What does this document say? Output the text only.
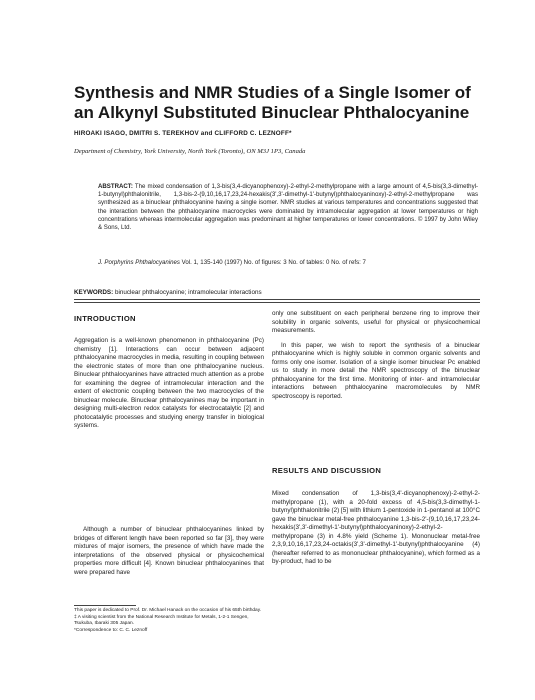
Synthesis and NMR Studies of a Single Isomer of an Alkynyl Substituted Binuclear Phthalocyanine
HIROAKI ISAGO, DMITRI S. TEREKHOV and CLIFFORD C. LEZNOFF*
Department of Chemistry, York University, North York (Toronto), ON M3J 1P3, Canada
ABSTRACT: The mixed condensation of 1,3-bis(3,4-dicyanophenoxy)-2-ethyl-2-methylpropane with a large amount of 4,5-bis(3,3-dimethyl-1-butynyl)phthalonitrile, 1,3-bis-2-(9,10,16,17,23,24-hexakis(3',3'-dimethyl-1'-butynyl)phthalocyaninoxy)-2-ethyl-2-methylpropane was synthesized as a binuclear phthalocyanine having a single isomer. NMR studies at various temperatures and concentrations suggested that the interaction between the phthalocyanine macrocycles were dominated by intramolecular aggregation at lower temperatures or high concentrations whereas intermolecular aggregation was predominant at higher temperatures or lower concentrations. © 1997 by John Wiley & Sons, Ltd.
J. Porphyrins Phthalocyanines Vol. 1, 135-140 (1997) No. of figures: 3 No. of tables: 0 No. of refs: 7
KEYWORDS: binuclear phthalocyanine; intramolecular interactions
INTRODUCTION

Aggregation is a well-known phenomenon in phthalocyanine (Pc) chemistry [1]. Interactions can occur between adjacent phthalocyanine macrocycles in media, resulting in coupling between the electronic states of more than one phthalocyanine nucleus. Binuclear phthalocyanines have attracted much attention as a probe for examining the degree of intramolecular interaction and the extent of electronic coupling between the two macrocycles of the binuclear molecule. Binuclear phthalocyanines may be important in designing multi-electron redox catalysts for electrocatalytic [2] and photocatalytic processes and studying energy transfer in biological systems.

Although a number of binuclear phthalocyanines linked by bridges of different length have been reported so far [3], they were mixtures of major isomers, the presence of which have made the interpretations of the observed physical or physicochemical properties more difficult [4]. Known binuclear phthalocyanines that were prepared have

only one substituent on each peripheral benzene ring to improve their solubility in organic solvents, useful for physical or physicochemical measurements.

In this paper, we wish to report the synthesis of a binuclear phthalocyanine which is highly soluble in common organic solvents and forms only one isomer. Isolation of a single isomer binuclear Pc enabled us to study in more detail the NMR spectroscopy of the binuclear phthalocyanine for the first time. Monitoring of inter- and intramolecular interactions between phthalocyanine macromolecules by NMR spectroscopy is reported.

RESULTS AND DISCUSSION

Mixed condensation of 1,3-bis(3,4'-dicyanophenoxy)-2-ethyl-2-methylpropane (1), with a 20-fold excess of 4,5-bis(3,3-dimethyl-1-butynyl)phthalonitrile (2) [5] with lithium 1-pentoxide in 1-pentanol at 100°C gave the binuclear metal-free phthalocyanine 1,3-bis-2'-(9,10,16,17,23,24-hexakis(3',3'-dimethyl-1'-butynyl)phthalocyaninoxy)-2-ethyl-2-methylpropane (3) in 4.8% yield (Scheme 1). Mononuclear metal-free 2,3,9,10,16,17,23,24-octakis(3',3'-dimethyl-1'-butynyl)phthalocyanine (4) (hereafter referred to as mononuclear phthalocyanine), which formed as a by-product, had to be

This paper is dedicated to Prof. Dr. Michael Hanack on the occasion of his 65th birthday.
‡ A visiting scientist from the National Research Institute for Metals, 1-2-1 Sengen, Tsukuba, Ibaraki 305 Japan.
*Correspondence to: C. C. Leznoff
